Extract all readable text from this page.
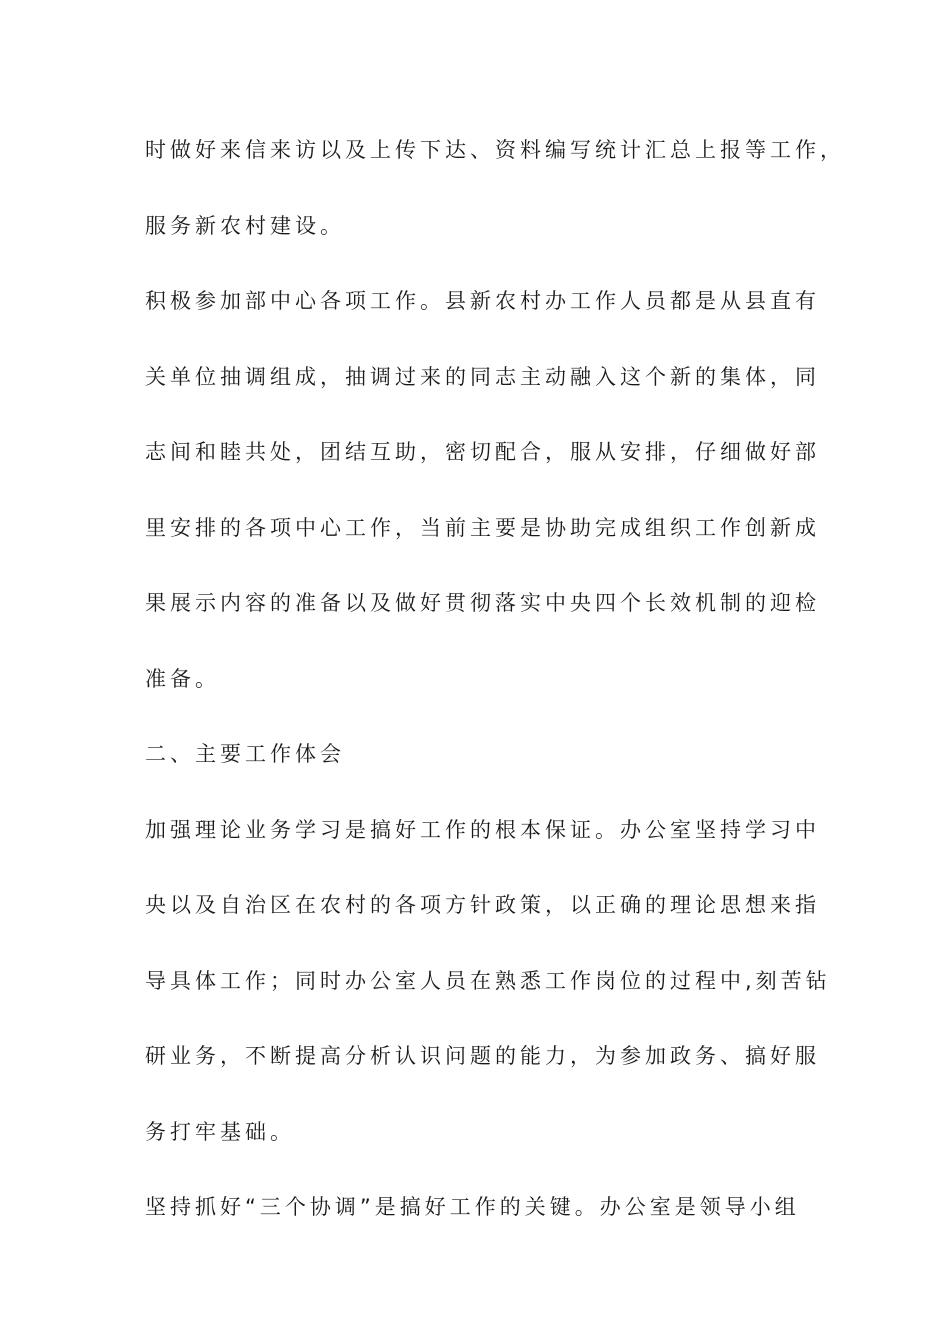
时做好来信来访以及上传下达、资料编写统计汇总上报等工作，
服务新农村建设。
积极参加部中心各项工作。县新农村办工作人员都是从县直有
关单位抽调组成，抽调过来的同志主动融入这个新的集体，同
志间和睦共处，团结互助，密切配合，服从安排，仔细做好部
里安排的各项中心工作，当前主要是协助完成组织工作创新成
果展示内容的准备以及做好贯彻落实中央四个长效机制的迎检
准备。
二、主要工作体会
加强理论业务学习是搞好工作的根本保证。办公室坚持学习中
央以及自治区在农村的各项方针政策，以正确的理论思想来指
导具体工作；同时办公室人员在熟悉工作岗位的过程中,刻苦钻
研业务，不断提高分析认识问题的能力，为参加政务、搞好服
务打牢基础。
坚持抓好“三个协调”是搞好工作的关键。办公室是领导小组
